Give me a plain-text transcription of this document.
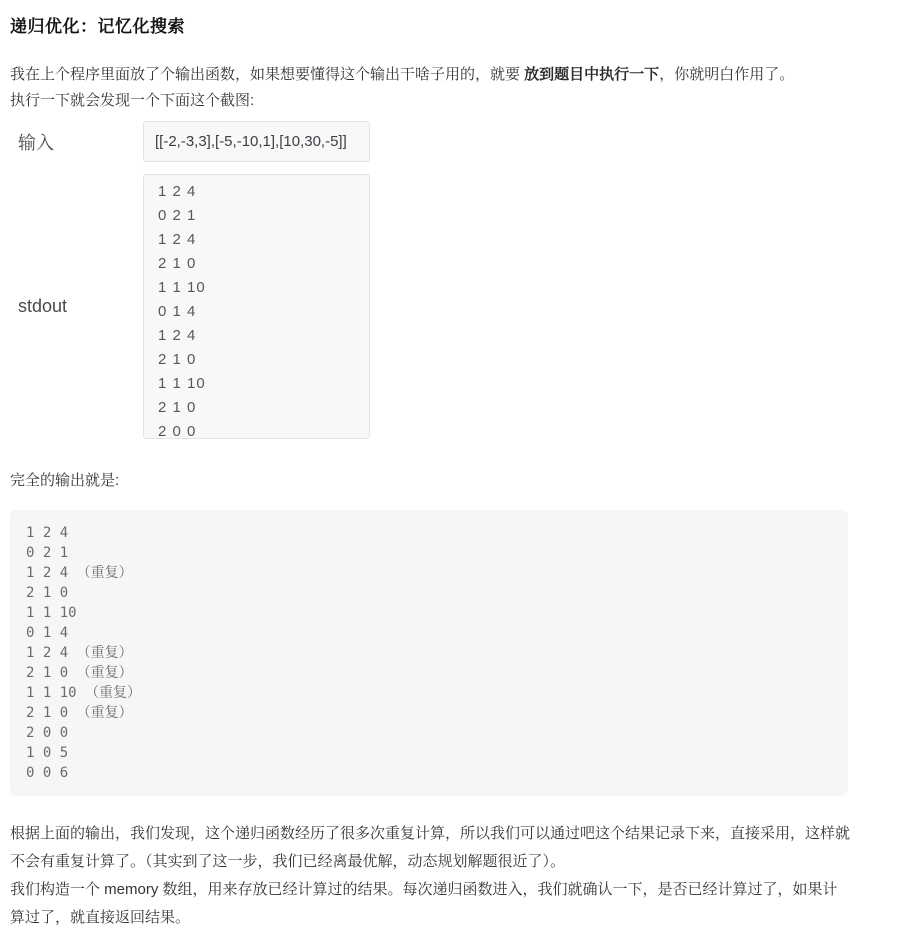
递归优化：记忆化搜索

我在上个程序里面放了个输出函数，如果想要懂得这个输出干啥子用的，就要 放到题目中执行一下，你就明白作用了。
执行一下就会发现一个下面这个截图:

输入	[[-2,-3,3],[-5,-10,1],[10,30,-5]]
stdout
1 2 4
0 2 1
1 2 4
2 1 0
1 1 10
0 1 4
1 2 4
2 1 0
1 1 10
2 1 0
2 0 0

完全的输出就是:

1 2 4
0 2 1
1 2 4 （重复）
2 1 0
1 1 10
0 1 4
1 2 4 （重复）
2 1 0 （重复）
1 1 10 （重复）
2 1 0 （重复）
2 0 0
1 0 5
0 0 6

根据上面的输出，我们发现，这个递归函数经历了很多次重复计算，所以我们可以通过吧这个结果记录下来，直接采用，这样就不会有重复计算了。（其实到了这一步，我们已经离最优解，动态规划解题很近了）。

我们构造一个 memory 数组，用来存放已经计算过的结果。每次递归函数进入，我们就确认一下，是否已经计算过了，如果计算过了，就直接返回结果。
